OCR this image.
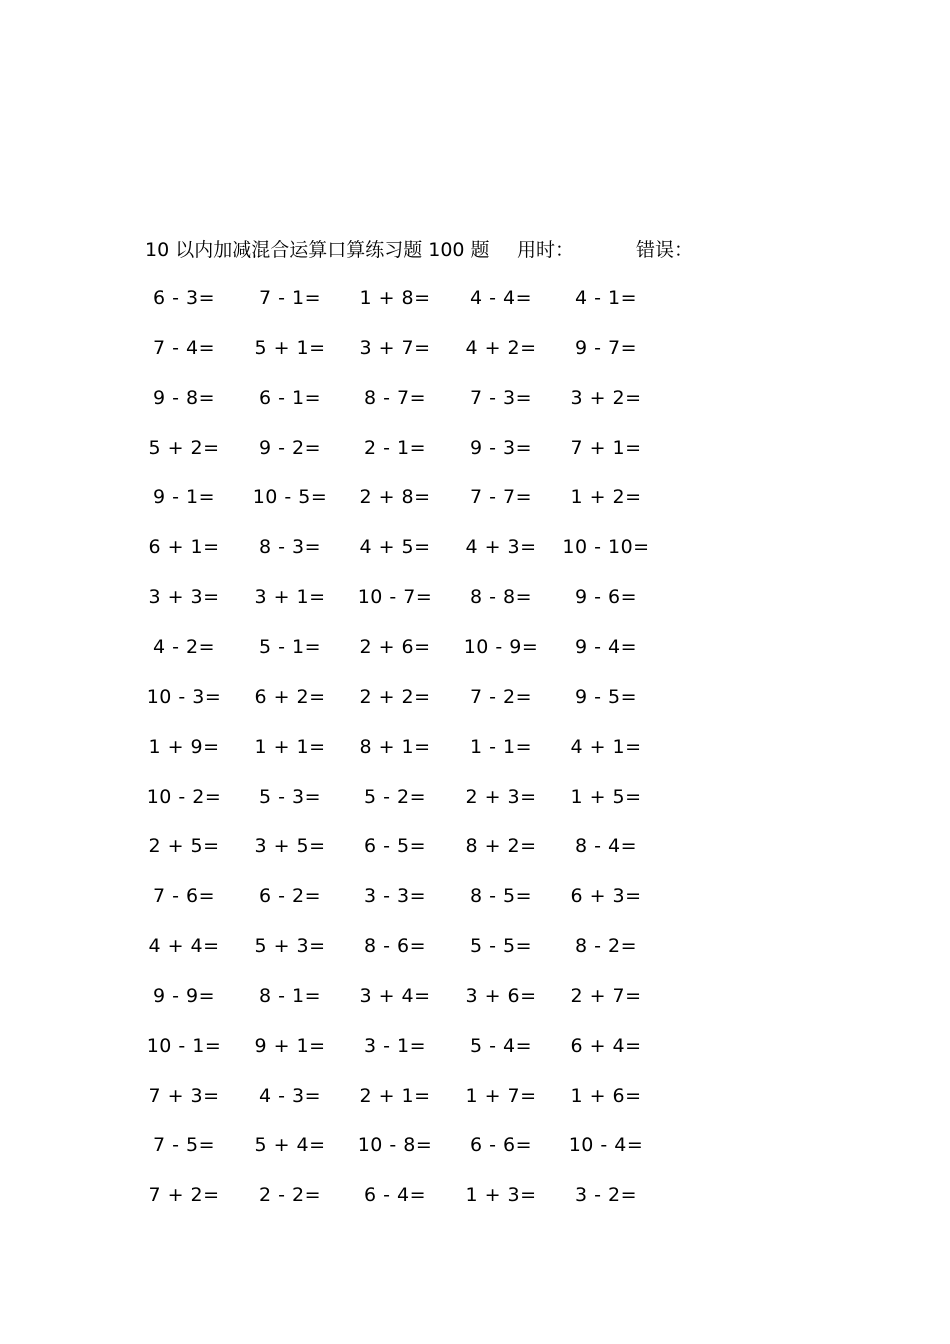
10 以内加减混合运算口算练习题 100 题 用时：	错误：
6 - 3= 7 - 1= 1 + 8= 4 - 4= 4 - 1=
7 - 4= 5 + 1= 3 + 7= 4 + 2= 9 - 7=
9 - 8= 6 - 1= 8 - 7= 7 - 3= 3 + 2=
5 + 2= 9 - 2= 2 - 1= 9 - 3= 7 + 1=
9 - 1= 10 - 5= 2 + 8= 7 - 7= 1 + 2=
6 + 1= 8 - 3= 4 + 5= 4 + 3= 10 - 10=
3 + 3= 3 + 1= 10 - 7= 8 - 8= 9 - 6=
4 - 2= 5 - 1= 2 + 6= 10 - 9= 9 - 4=
10 - 3= 6 + 2= 2 + 2= 7 - 2= 9 - 5=
1 + 9= 1 + 1= 8 + 1= 1 - 1= 4 + 1=
10 - 2= 5 - 3= 5 - 2= 2 + 3= 1 + 5=
2 + 5= 3 + 5= 6 - 5= 8 + 2= 8 - 4=
7 - 6= 6 - 2= 3 - 3= 8 - 5= 6 + 3=
4 + 4= 5 + 3= 8 - 6= 5 - 5= 8 - 2=
9 - 9= 8 - 1= 3 + 4= 3 + 6= 2 + 7=
10 - 1= 9 + 1= 3 - 1= 5 - 4= 6 + 4=
7 + 3= 4 - 3= 2 + 1= 1 + 7= 1 + 6=
7 - 5= 5 + 4= 10 - 8= 6 - 6= 10 - 4=
7 + 2= 2 - 2= 6 - 4= 1 + 3= 3 - 2=
